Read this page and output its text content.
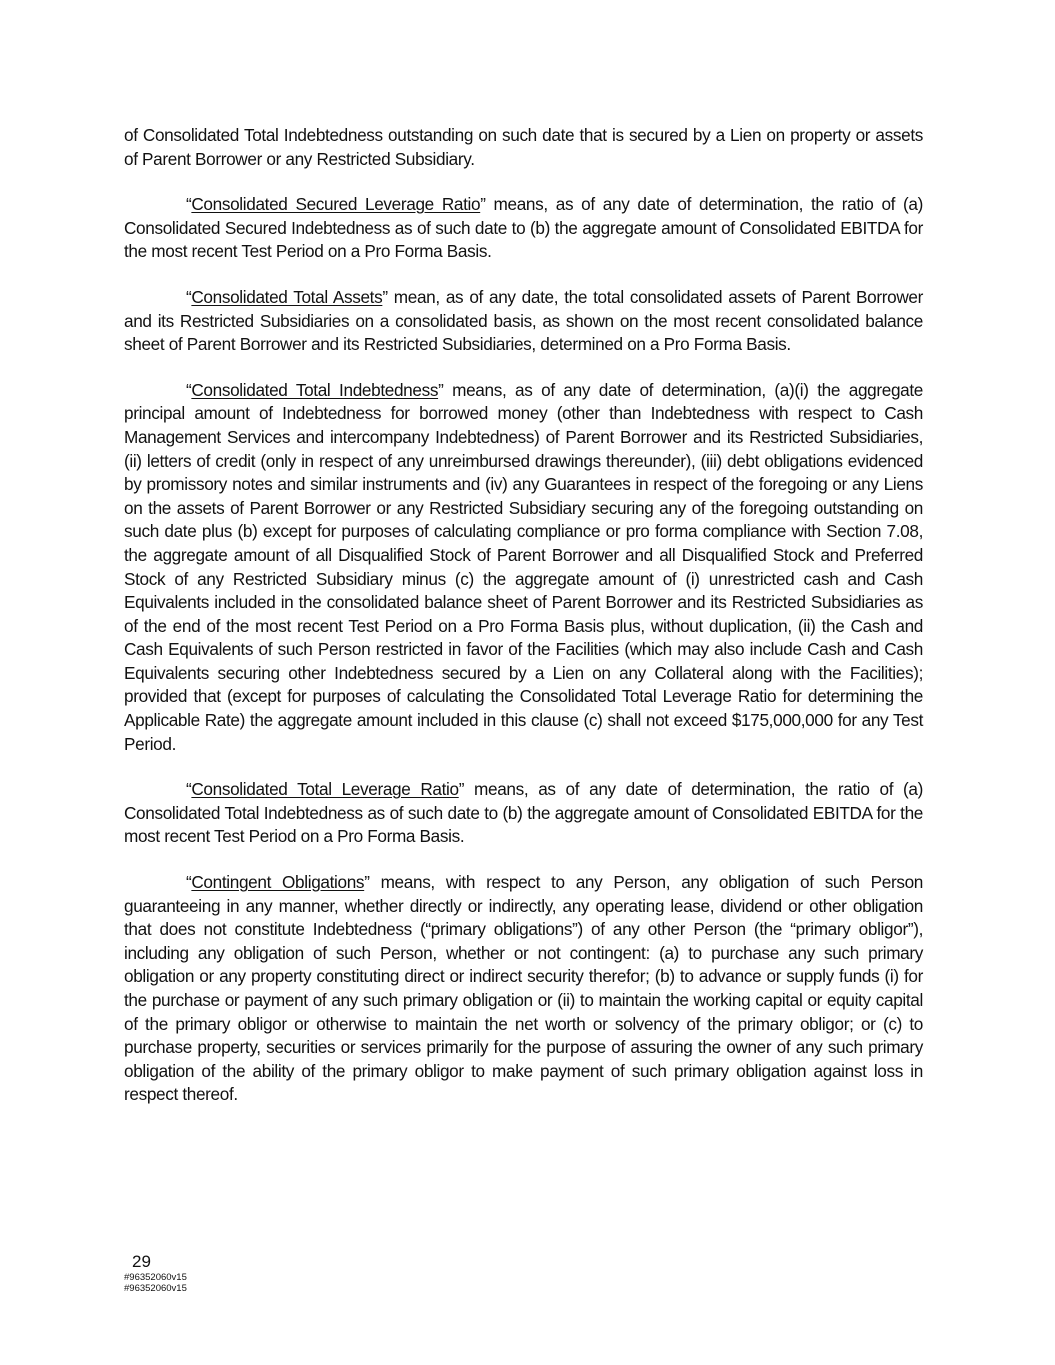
of Consolidated Total Indebtedness outstanding on such date that is secured by a Lien on property or assets of Parent Borrower or any Restricted Subsidiary.

“Consolidated Secured Leverage Ratio” means, as of any date of determination, the ratio of (a) Consolidated Secured Indebtedness as of such date to (b) the aggregate amount of Consolidated EBITDA for the most recent Test Period on a Pro Forma Basis.

“Consolidated Total Assets” mean, as of any date, the total consolidated assets of Parent Borrower and its Restricted Subsidiaries on a consolidated basis, as shown on the most recent consolidated balance sheet of Parent Borrower and its Restricted Subsidiaries, determined on a Pro Forma Basis.

“Consolidated Total Indebtedness” means, as of any date of determination, (a)(i) the aggregate principal amount of Indebtedness for borrowed money (other than Indebtedness with respect to Cash Management Services and intercompany Indebtedness) of Parent Borrower and its Restricted Subsidiaries, (ii) letters of credit (only in respect of any unreimbursed drawings thereunder), (iii) debt obligations evidenced by promissory notes and similar instruments and (iv) any Guarantees in respect of the foregoing or any Liens on the assets of Parent Borrower or any Restricted Subsidiary securing any of the foregoing outstanding on such date plus (b) except for purposes of calculating compliance or pro forma compliance with Section 7.08, the aggregate amount of all Disqualified Stock of Parent Borrower and all Disqualified Stock and Preferred Stock of any Restricted Subsidiary minus (c) the aggregate amount of (i) unrestricted cash and Cash Equivalents included in the consolidated balance sheet of Parent Borrower and its Restricted Subsidiaries as of the end of the most recent Test Period on a Pro Forma Basis plus, without duplication, (ii) the Cash and Cash Equivalents of such Person restricted in favor of the Facilities (which may also include Cash and Cash Equivalents securing other Indebtedness secured by a Lien on any Collateral along with the Facilities); provided that (except for purposes of calculating the Consolidated Total Leverage Ratio for determining the Applicable Rate) the aggregate amount included in this clause (c) shall not exceed $175,000,000 for any Test Period.

“Consolidated Total Leverage Ratio” means, as of any date of determination, the ratio of (a) Consolidated Total Indebtedness as of such date to (b) the aggregate amount of Consolidated EBITDA for the most recent Test Period on a Pro Forma Basis.

“Contingent Obligations” means, with respect to any Person, any obligation of such Person guaranteeing in any manner, whether directly or indirectly, any operating lease, dividend or other obligation that does not constitute Indebtedness (“primary obligations”) of any other Person (the “primary obligor”), including any obligation of such Person, whether or not contingent: (a) to purchase any such primary obligation or any property constituting direct or indirect security therefor; (b) to advance or supply funds (i) for the purchase or payment of any such primary obligation or (ii) to maintain the working capital or equity capital of the primary obligor or otherwise to maintain the net worth or solvency of the primary obligor; or (c) to purchase property, securities or services primarily for the purpose of assuring the owner of any such primary obligation of the ability of the primary obligor to make payment of such primary obligation against loss in respect thereof.

29
#96352060v15
#96352060v15
